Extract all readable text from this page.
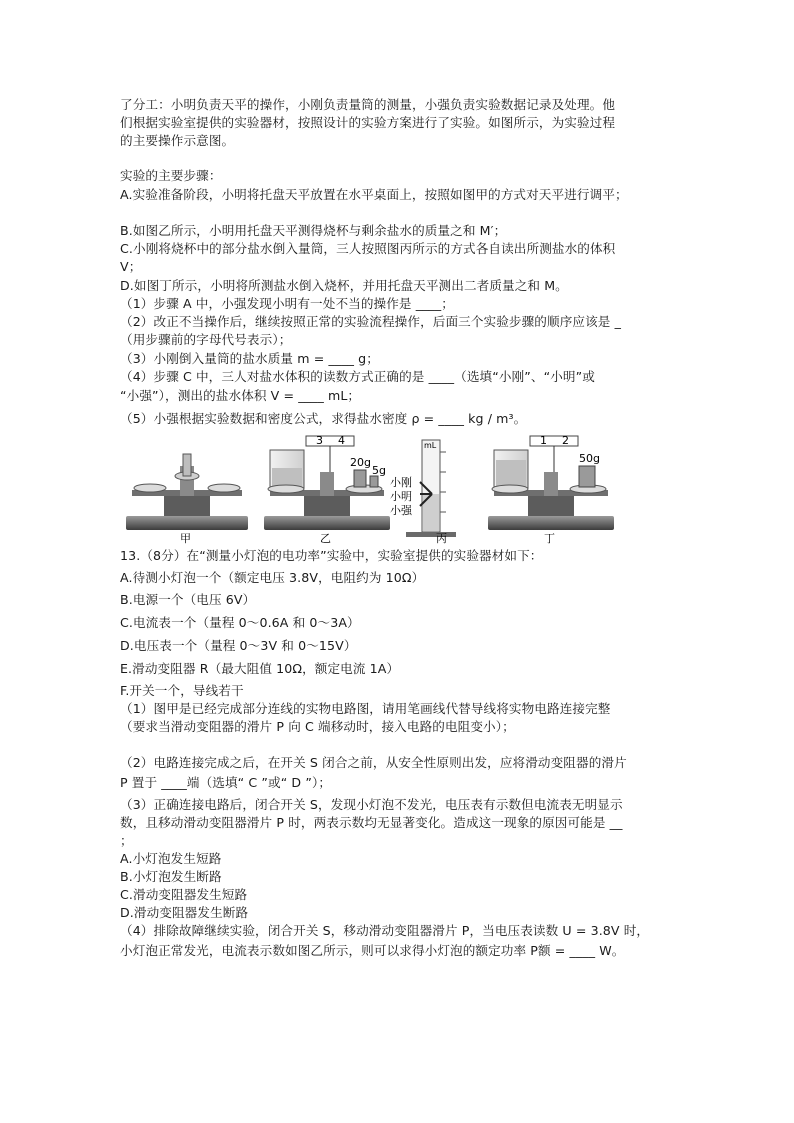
了分工：小明负责天平的操作，小刚负责量筒的测量，小强负责实验数据记录及处理。他
们根据实验室提供的实验器材，按照设计的实验方案进行了实验。如图所示，为实验过程
的主要操作示意图。
实验的主要步骤：
A.实验准备阶段，小明将托盘天平放置在水平桌面上，按照如图甲的方式对天平进行调平；
B.如图乙所示，小明用托盘天平测得烧杯与剩余盐水的质量之和 M′；
C.小刚将烧杯中的部分盐水倒入量筒，三人按照图丙所示的方式各自读出所测盐水的体积
V；
D.如图丁所示，小明将所测盐水倒入烧杯，并用托盘天平测出二者质量之和 M。
（1）步骤 A 中，小强发现小明有一处不当的操作是 ____；
（2）改正不当操作后，继续按照正常的实验流程操作，后面三个实验步骤的顺序应该是 _
（用步骤前的字母代号表示）；
（3）小刚倒入量筒的盐水质量 m = ____ g；
（4）步骤 C 中，三人对盐水体积的读数方式正确的是 ____（选填“小刚”、“小明”或
“小强”），测出的盐水体积 V = ____ mL；
（5）小强根据实验数据和密度公式，求得盐水密度 ρ = ____ kg / m³。
13.（8分）在“测量小灯泡的电功率”实验中，实验室提供的实验器材如下：
A.待测小灯泡一个（额定电压 3.8V，电阻约为 10Ω）
B.电源一个（电压 6V）
C.电流表一个（量程 0～0.6A 和 0～3A）
D.电压表一个（量程 0～3V 和 0～15V）
E.滑动变阻器 R（最大阻值 10Ω，额定电流 1A）
F.开关一个，导线若干
（1）图甲是已经完成部分连线的实物电路图，请用笔画线代替导线将实物电路连接完整
（要求当滑动变阻器的滑片 P 向 C 端移动时，接入电路的电阻变小）；
（2）电路连接完成之后，在开关 S 闭合之前，从安全性原则出发，应将滑动变阻器的滑片
P 置于 ____端（选填“ C ”或“ D ”）；
（3）正确连接电路后，闭合开关 S，发现小灯泡不发光，电压表有示数但电流表无明显示
数，且移动滑动变阻器滑片 P 时，两表示数均无显著变化。造成这一现象的原因可能是 __
；
A.小灯泡发生短路
B.小灯泡发生断路
C.滑动变阻器发生短路
D.滑动变阻器发生断路
（4）排除故障继续实验，闭合开关 S，移动滑动变阻器滑片 P，当电压表读数 U = 3.8V 时，
小灯泡正常发光，电流表示数如图乙所示，则可以求得小灯泡的额定功率 P额 = ____ W。
甲	乙	丙	丁
20g
5g
50g
3 4	1 2
mL
小刚
小明
小强
